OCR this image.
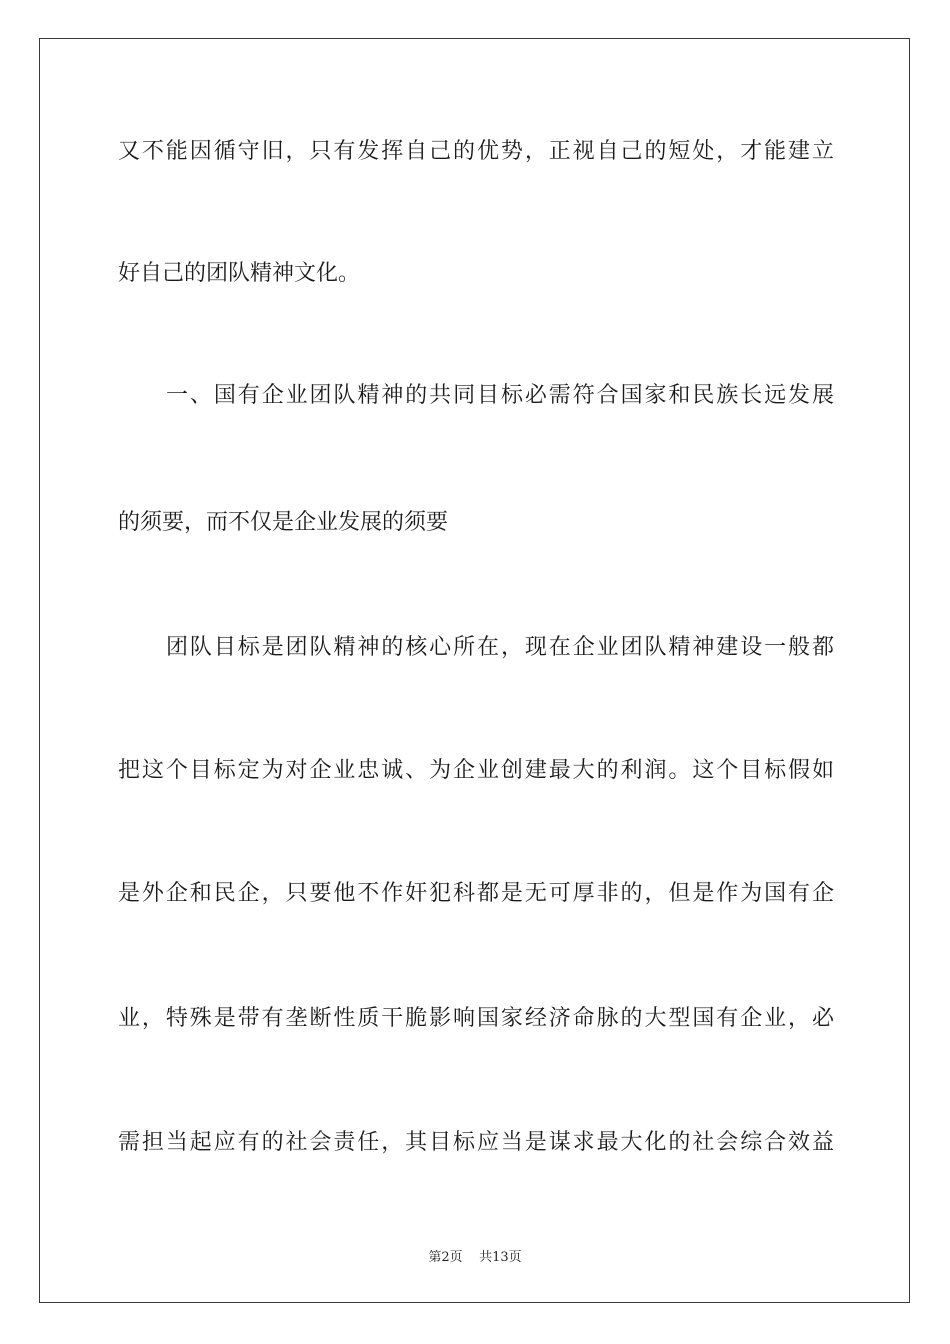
又不能因循守旧，只有发挥自己的优势，正视自己的短处，才能建立

好自己的团队精神文化。

一、国有企业团队精神的共同目标必需符合国家和民族长远发展

的须要，而不仅是企业发展的须要

团队目标是团队精神的核心所在，现在企业团队精神建设一般都

把这个目标定为对企业忠诚、为企业创建最大的利润。这个目标假如

是外企和民企，只要他不作奸犯科都是无可厚非的，但是作为国有企

业，特殊是带有垄断性质干脆影响国家经济命脉的大型国有企业，必

需担当起应有的社会责任，其目标应当是谋求最大化的社会综合效益

第2页 共13页
